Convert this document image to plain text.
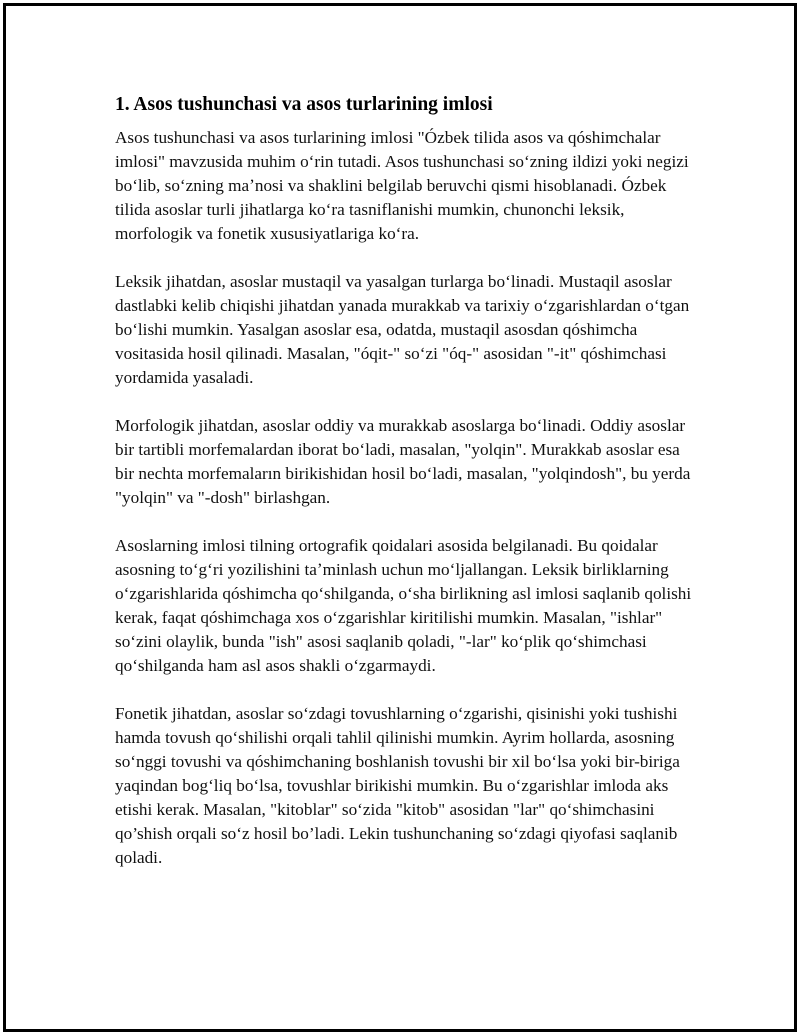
1. Asos tushunchasi va asos turlarining imlosi

Asos tushunchasi va asos turlarining imlosi "Ózbek tilida asos va qóshimchalar imlosi" mavzusida muhim oʻrin tutadi. Asos tushunchasi soʻzning ildizi yoki negizi boʻlib, soʻzning maʼnosi va shaklini belgilab beruvchi qismi hisoblanadi. Ózbek tilida asoslar turli jihatlarga koʻra tasniflanishi mumkin, chunonchi leksik, morfologik va fonetik xususiyatlariga koʻra.

Leksik jihatdan, asoslar mustaqil va yasalgan turlarga boʻlinadi. Mustaqil asoslar dastlabki kelib chiqishi jihatdan yanada murakkab va tarixiy oʻzgarishlardan oʻtgan boʻlishi mumkin. Yasalgan asoslar esa, odatda, mustaqil asosdan qóshimcha vositasida hosil qilinadi. Masalan, "óqit-" soʻzi "óq-" asosidan "-it" qóshimchasi yordamida yasaladi.

Morfologik jihatdan, asoslar oddiy va murakkab asoslarga boʻlinadi. Oddiy asoslar bir tartibli morfemalardan iborat boʻladi, masalan, "yolqin". Murakkab asoslar esa bir nechta morfemaların birikishidan hosil boʻladi, masalan, "yolqindosh", bu yerda "yolqin" va "-dosh" birlashgan.

Asoslarning imlosi tilning ortografik qoidalari asosida belgilanadi. Bu qoidalar asosning toʻgʻri yozilishini taʼminlash uchun moʻljallangan. Leksik birliklarning oʻzgarishlarida qóshimcha qoʻshilganda, oʻsha birlikning asl imlosi saqlanib qolishi kerak, faqat qóshimchaga xos oʻzgarishlar kiritilishi mumkin. Masalan, "ishlar" soʻzini olaylik, bunda "ish" asosi saqlanib qoladi, "-lar" koʻplik qoʻshimchasi qoʻshilganda ham asl asos shakli oʻzgarmaydi.

Fonetik jihatdan, asoslar soʻzdagi tovushlarning oʻzgarishi, qisinishi yoki tushishi hamda tovush qoʻshilishi orqali tahlil qilinishi mumkin. Ayrim hollarda, asosning soʻnggi tovushi va qóshimchaning boshlanish tovushi bir xil boʻlsa yoki bir-biriga yaqindan bogʻliq boʻlsa, tovushlar birikishi mumkin. Bu oʻzgarishlar imloda aks etishi kerak. Masalan, "kitoblar" soʻzida "kitob" asosidan "lar" qoʻshimchasini qo’shish orqali so‘z hosil bo’ladi. Lekin tushunchaning soʻzdagi qiyofasi saqlanib qoladi.
